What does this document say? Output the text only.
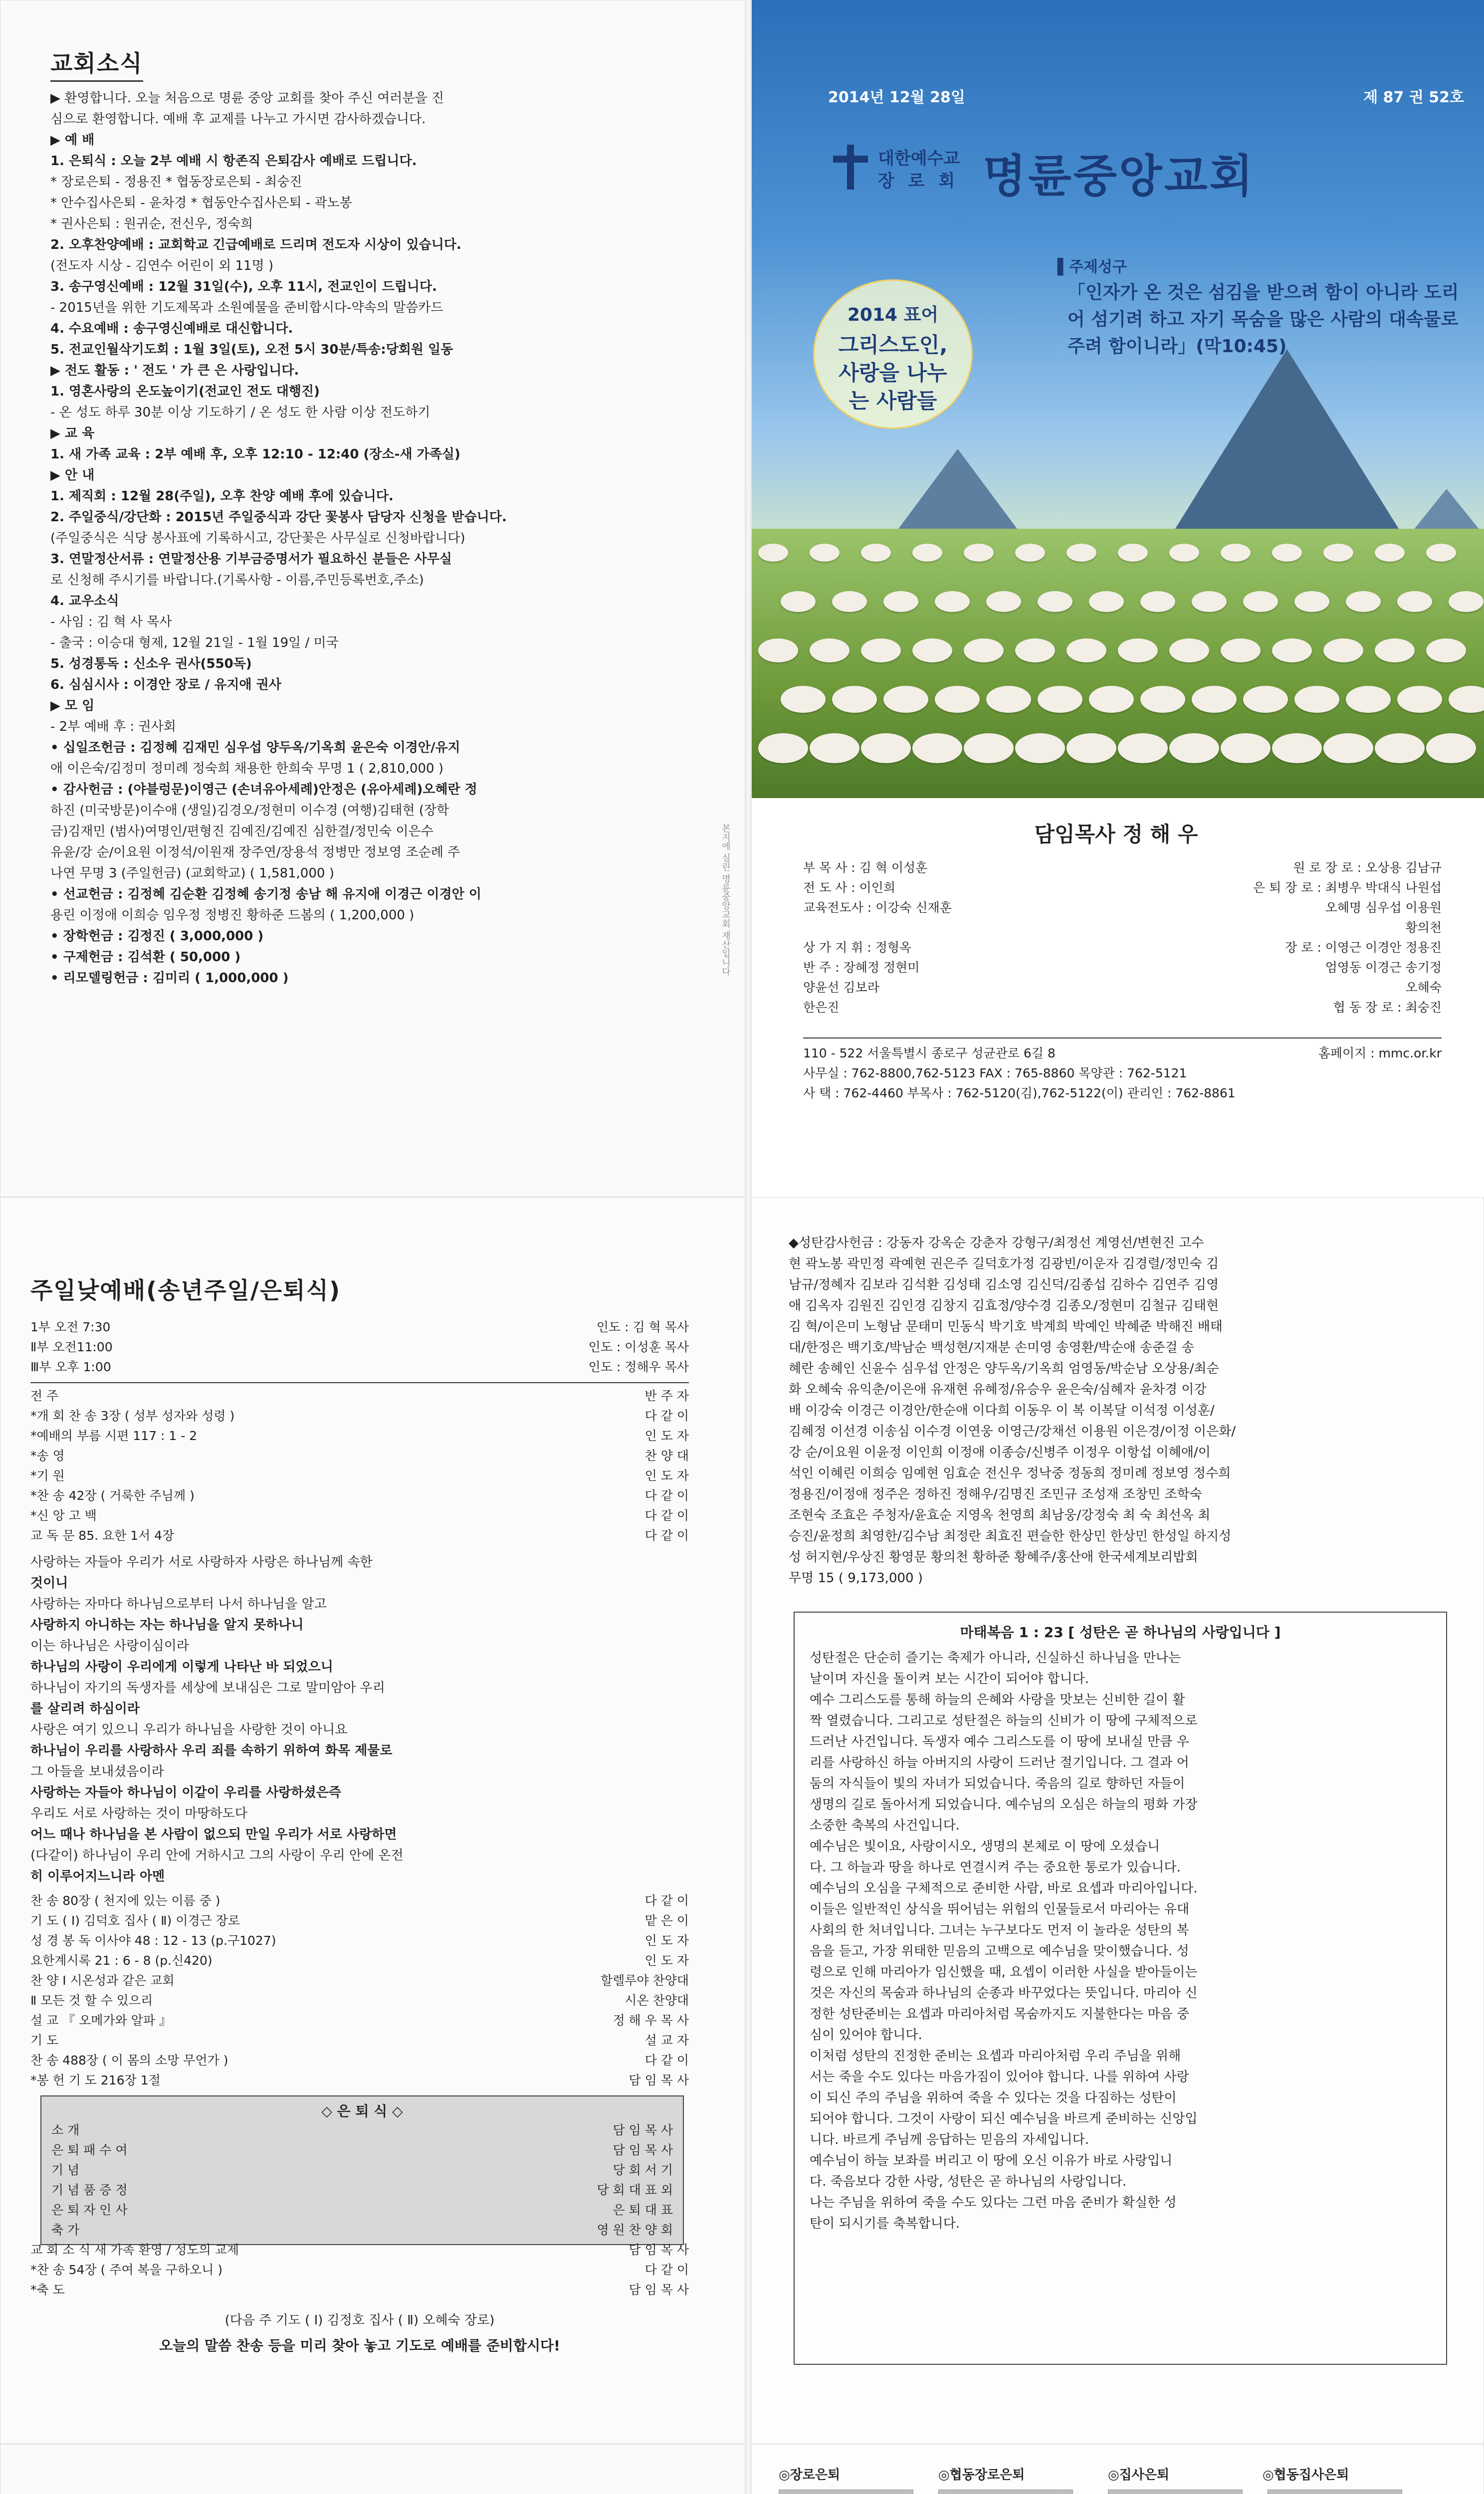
교회소식
▶ 환영합니다. 오늘 처음으로 명륜 중앙 교회를 찾아 주신 여러분을 진
심으로 환영합니다. 예배 후 교제를 나누고 가시면 감사하겠습니다.
▶ 예 배
1. 은퇴식 : 오늘 2부 예배 시 항존직 은퇴감사 예배로 드립니다.
* 장로은퇴 - 정용진 * 협동장로은퇴 - 최숭진
* 안수집사은퇴 - 윤차경 * 협동안수집사은퇴 - 곽노봉
* 권사은퇴 : 원귀순, 전신우, 정숙희
2. 오후찬양예배 : 교회학교 긴급예배로 드리며 전도자 시상이 있습니다.
(전도자 시상 - 김연수 어린이 외 11명 )
3. 송구영신예배 : 12월 31일(수), 오후 11시, 전교인이 드립니다.
- 2015년을 위한 기도제목과 소원예물을 준비합시다-약속의 말씀카드
4. 수요예배 : 송구영신예배로 대신합니다.
5. 전교인월삭기도회 : 1월 3일(토), 오전 5시 30분/특송:당회원 일동
▶ 전도 활동 : ' 전도 ' 가 큰 은 사랑입니다.
1. 영혼사랑의 온도높이기(전교인 전도 대행진)
- 온 성도 하루 30분 이상 기도하기 / 온 성도 한 사람 이상 전도하기
▶ 교 육
1. 새 가족 교육 : 2부 예배 후, 오후 12:10 - 12:40 (장소-새 가족실)
▶ 안 내
1. 제직회 : 12월 28(주일), 오후 찬양 예배 후에 있습니다.
2. 주일중식/강단화 : 2015년 주일중식과 강단 꽃봉사 담당자 신청을 받습니다.
(주일중식은 식당 봉사표에 기록하시고, 강단꽃은 사무실로 신청바랍니다)
3. 연말정산서류 : 연말정산용 기부금증명서가 필요하신 분들은 사무실
로 신청해 주시기를 바랍니다.(기록사항 - 이름,주민등록번호,주소)
4. 교우소식
- 사임 : 김 혁 사 목사
- 출국 : 이승대 형제, 12월 21일 - 1월 19일 / 미국
5. 성경통독 : 신소우 권사(550독)
6. 심심시사 : 이경안 장로 / 유지애 권사
▶ 모 임
- 2부 예배 후 : 권사회
• 십일조헌금 : 김정혜 김재민 심우섭 양두옥/기옥희 윤은숙 이경안/유지
애 이은숙/김정미 정미례 정숙희 채용한 한희숙 무명 1 ( 2,810,000 )
• 감사헌금 : (야블렁문)이영근 (손녀유아세례)안정은 (유아세례)오혜란 정
하진 (미국방문)이수애 (생일)김경오/정현미 이수경 (여행)김태현 (장학
금)김재민 (범사)여명인/편형진 김예진/김예진 심한결/정민숙 이은수
유윤/강 순/이요원 이정석/이원재 장주연/장용석 정병만 정보영 조순례 주
나연 무명 3 (주일헌금) (교회학교) ( 1,581,000 )
• 선교헌금 : 김정혜 김순환 김정혜 송기정 송남 해 유지애 이경근 이경안 이
용린 이정애 이희승 임우정 정병진 황하준 드봄의 ( 1,200,000 )
• 장학헌금 : 김정진 ( 3,000,000 )
• 구제헌금 : 김석환 ( 50,000 )
• 리모델링헌금 : 김미리 ( 1,000,000 )
본지에 실린 명륜중앙교회 재산입니다
2014년 12월 28일	제 87 권 52호
대한예수교
장 로 회 명륜중앙교회
2014 표어
그리스도인, 사랑을 나누는 사람들
▌주제성구
「인자가 온 것은 섬김을 받으려 함이 아니라 도리어 섬기려 하고 자기 목숨을 많은 사람의 대속물로 주려 함이니라」(막10:45)
담임목사 정 해 우
부 목 사 : 김 혁 이성훈	원 로 장 로 : 오상용 김남규
전 도 사 : 이인희	은 퇴 장 로 : 최병우 박대식 나원섭
교육전도사 : 이강숙 신재훈	오혜명 심우섭 이용원
황의천
상 가 지 휘 : 정형옥	장 로 : 이영근 이경안 정용진
반 주 : 장혜정 정현미	엄영동 이경근 송기정
양윤선 김보라	오혜숙
한은진	협 동 장 로 : 최숭진
110 - 522 서울특별시 종로구 성균관로 6길 8	홈페이지 : mmc.or.kr
사무실 : 762-8800,762-5123 FAX : 765-8860 목양관 : 762-5121
사 택 : 762-4460 부목사 : 762-5120(김),762-5122(이) 관리인 : 762-8861
주일낮예배(송년주일/은퇴식)
1부 오전 7:30	인도 : 김 혁 목사
Ⅱ부 오전11:00	인도 : 이성훈 목사
Ⅲ부 오후 1:00	인도 : 정해우 목사
전 주	반 주 자
*개 회 찬 송 3장 ( 성부 성자와 성령 )	다 같 이
*예배의 부름 시편 117 : 1 - 2	인 도 자
*송 영	찬 양 대
*기 원	인 도 자
*찬 송 42장 ( 거룩한 주님께 )	다 같 이
*신 앙 고 백	다 같 이
교 독 문 85. 요한 1서 4장	다 같 이
사랑하는 자들아 우리가 서로 사랑하자 사랑은 하나님께 속한
것이니
사랑하는 자마다 하나님으로부터 나서 하나님을 알고
사랑하지 아니하는 자는 하나님을 알지 못하나니
이는 하나님은 사랑이심이라
하나님의 사랑이 우리에게 이렇게 나타난 바 되었으니
하나님이 자기의 독생자를 세상에 보내심은 그로 말미암아 우리
를 살리려 하심이라
사랑은 여기 있으니 우리가 하나님을 사랑한 것이 아니요
하나님이 우리를 사랑하사 우리 죄를 속하기 위하여 화목 제물로
그 아들을 보내셨음이라
사랑하는 자들아 하나님이 이같이 우리를 사랑하셨은즉
우리도 서로 사랑하는 것이 마땅하도다
어느 때나 하나님을 본 사람이 없으되 만일 우리가 서로 사랑하면
(다같이) 하나님이 우리 안에 거하시고 그의 사랑이 우리 안에 온전
히 이루어지느니라 아멘
찬 송 80장 ( 천지에 있는 이름 중 )	다 같 이
기 도 ( Ⅰ) 김덕호 집사 ( Ⅱ) 이경근 장로	맡 은 이
성 경 봉 독 이사야 48 : 12 - 13 (p.구1027)	인 도 자
요한계시록 21 : 6 - 8 (p.신420)	인 도 자
찬 양 Ⅰ 시온성과 같은 교회	할렐루야 찬양대
Ⅱ 모든 것 할 수 있으리	시온 찬양대
설 교 『 오메가와 알파 』	정 해 우 목 사
기 도	설 교 자
찬 송 488장 ( 이 몸의 소망 무언가 )	다 같 이
*봉 헌 기 도 216장 1절	담 임 목 사
◇ 은 퇴 식 ◇
소 개	담 임 목 사
은 퇴 패 수 여	담 임 목 사
기 념	당 회 서 기
기 념 품 증 정	당 회 대 표 외
은 퇴 자 인 사	은 퇴 대 표
축 가	영 원 찬 양 회
교 회 소 식 새 가족 환영 / 성도의 교제	담 임 목 사
*찬 송 54장 ( 주여 복을 구하오니 )	다 같 이
*축 도	담 임 목 사
(다음 주 기도 ( Ⅰ) 김정호 집사 ( Ⅱ) 오혜숙 장로)
오늘의 말씀 찬송 등을 미리 찾아 놓고 기도로 예배를 준비합시다!
◆성탄감사헌금 : 강동자 강옥순 강춘자 강형구/최정선 계영선/변현진 고수
현 곽노봉 곽민정 곽예현 권은주 길덕호가정 김광빈/이운자 김경렬/정민숙 김
남규/정혜자 김보라 김석환 김성태 김소영 김신덕/김종섭 김하수 김연주 김영
애 김옥자 김원진 김인경 김창지 김효정/양수경 김종오/정현미 김철규 김태현
김 혁/이은미 노형남 문태미 민동식 박기호 박계희 박예인 박혜준 박해진 배태
대/한정은 백기호/박남순 백성현/지재분 손미영 송영환/박순애 송준걸 송
혜란 송혜인 신윤수 심우섭 안정은 양두옥/기옥희 엄영동/박순남 오상용/최순
화 오혜숙 유익춘/이은애 유재현 유혜정/유승우 윤은숙/심혜자 윤차경 이강
배 이강숙 이경근 이경안/한순애 이다희 이동우 이 복 이복달 이석정 이성훈/
김혜정 이선경 이송심 이수경 이연웅 이영근/강채선 이용원 이은경/이정 이은화/
강 순/이요원 이윤정 이인희 이정애 이종승/신병주 이정우 이항섭 이혜애/이
석인 이혜린 이희승 임예현 임효순 전신우 정낙중 정동희 정미례 정보영 정수희
정용진/이정애 정주은 정하진 정해우/김명진 조민규 조성재 조창민 조학숙
조현숙 조효은 주청자/윤효순 지영옥 천영희 최남웅/강정숙 최 숙 최선옥 최
승진/윤정희 최영한/김수남 최정란 최효진 편슬한 한상민 한상민 한성일 하지성
성 허지현/우상진 황영문 황의천 황하준 황혜주/홍산애 한국세계보리밥회
무명 15 ( 9,173,000 )
마태복음 1 : 23 [ 성탄은 곧 하나님의 사랑입니다 ]
성탄절은 단순히 즐기는 축제가 아니라, 신실하신 하나님을 만나는
날이며 자신을 돌이켜 보는 시간이 되어야 합니다.
예수 그리스도를 통해 하늘의 은혜와 사랑을 맛보는 신비한 길이 활
짝 열렸습니다. 그리고로 성탄절은 하늘의 신비가 이 땅에 구체적으로
드러난 사건입니다. 독생자 예수 그리스도를 이 땅에 보내실 만큼 우
리를 사랑하신 하늘 아버지의 사랑이 드러난 절기입니다. 그 결과 어
둠의 자식들이 빛의 자녀가 되었습니다. 죽음의 길로 향하던 자들이
생명의 길로 돌아서게 되었습니다. 예수님의 오심은 하늘의 평화 가장
소중한 축복의 사건입니다.
예수님은 빛이요, 사랑이시오, 생명의 본체로 이 땅에 오셨습니
다. 그 하늘과 땅을 하나로 연결시켜 주는 중요한 통로가 있습니다.
예수님의 오심을 구체적으로 준비한 사람, 바로 요셉과 마리아입니다.
이들은 일반적인 상식을 뛰어넘는 위험의 인물들로서 마리아는 유대
사회의 한 처녀입니다. 그녀는 누구보다도 먼저 이 놀라운 성탄의 복
음을 듣고, 가장 위태한 믿음의 고백으로 예수님을 맞이했습니다. 성
령으로 인해 마리아가 임신했을 때, 요셉이 이러한 사실을 받아들이는
것은 자신의 목숨과 하나님의 순종과 바꾸었다는 뜻입니다. 마리아 신
정한 성탄준비는 요셉과 마리아처럼 목숨까지도 지불한다는 마음 중
심이 있어야 합니다.
이처럼 성탄의 진정한 준비는 요셉과 마리아처럼 우리 주님을 위해
서는 죽을 수도 있다는 마음가짐이 있어야 합니다. 나를 위하여 사랑
이 되신 주의 주님을 위하여 죽을 수 있다는 것을 다짐하는 성탄이
되어야 합니다. 그것이 사랑이 되신 예수님을 바르게 준비하는 신앙입
니다. 바르게 주님께 응답하는 믿음의 자세입니다.
예수님이 하늘 보좌를 버리고 이 땅에 오신 이유가 바로 사랑입니
다. 죽음보다 강한 사랑, 성탄은 곧 하나님의 사랑입니다.
나는 주님을 위하여 죽을 수도 있다는 그런 마음 준비가 확실한 성
탄이 되시기를 축복합니다.

◎장로은퇴	◎협동장로은퇴	◎집사은퇴	◎협동집사은퇴
